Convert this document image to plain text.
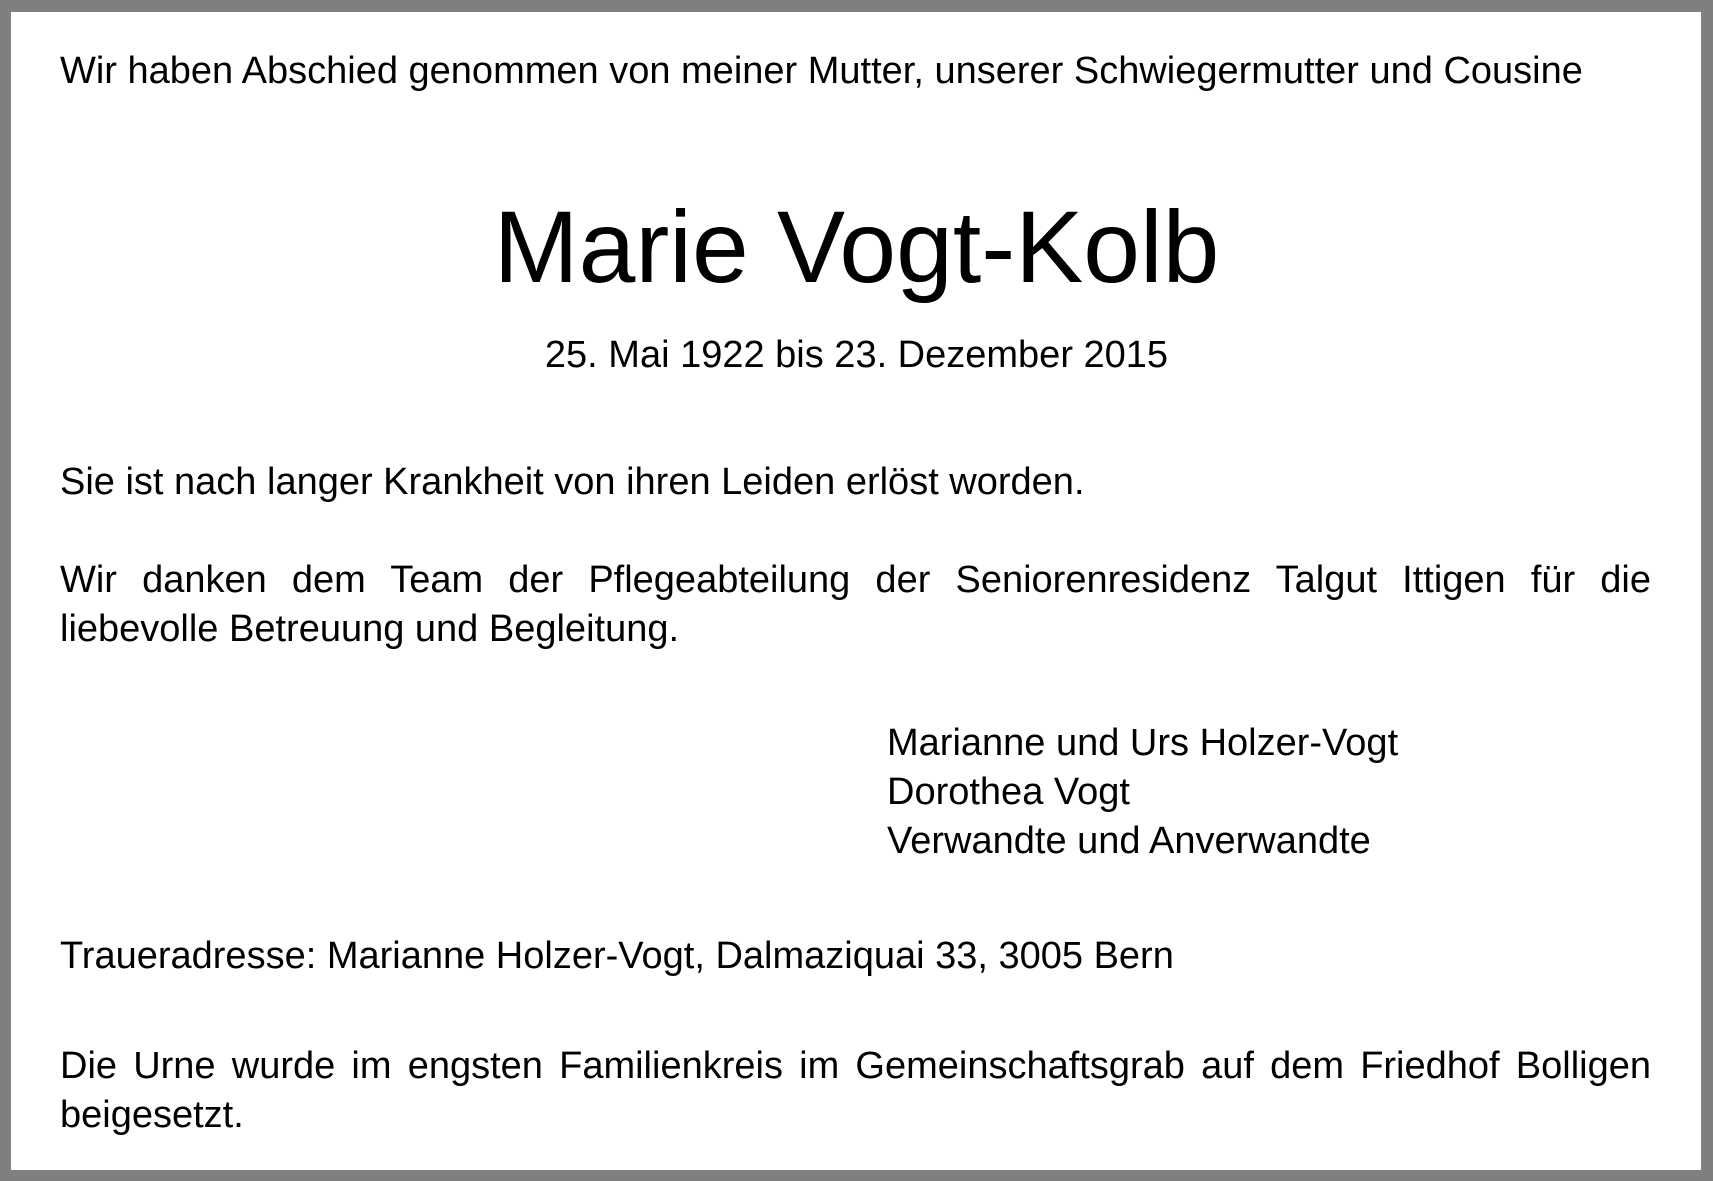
Wir haben Abschied genommen von meiner Mutter, unserer Schwiegermutter und Cousine

Marie Vogt-Kolb

25. Mai 1922 bis 23. Dezember 2015

Sie ist nach langer Krankheit von ihren Leiden erlöst worden.

Wir danken dem Team der Pflegeabteilung der Seniorenresidenz Talgut Ittigen für die liebevolle Betreuung und Begleitung.

Marianne und Urs Holzer-Vogt
Dorothea Vogt
Verwandte und Anverwandte

Traueradresse: Marianne Holzer-Vogt, Dalmaziquai 33, 3005 Bern

Die Urne wurde im engsten Familienkreis im Gemeinschaftsgrab auf dem Friedhof Bolligen beigesetzt.
